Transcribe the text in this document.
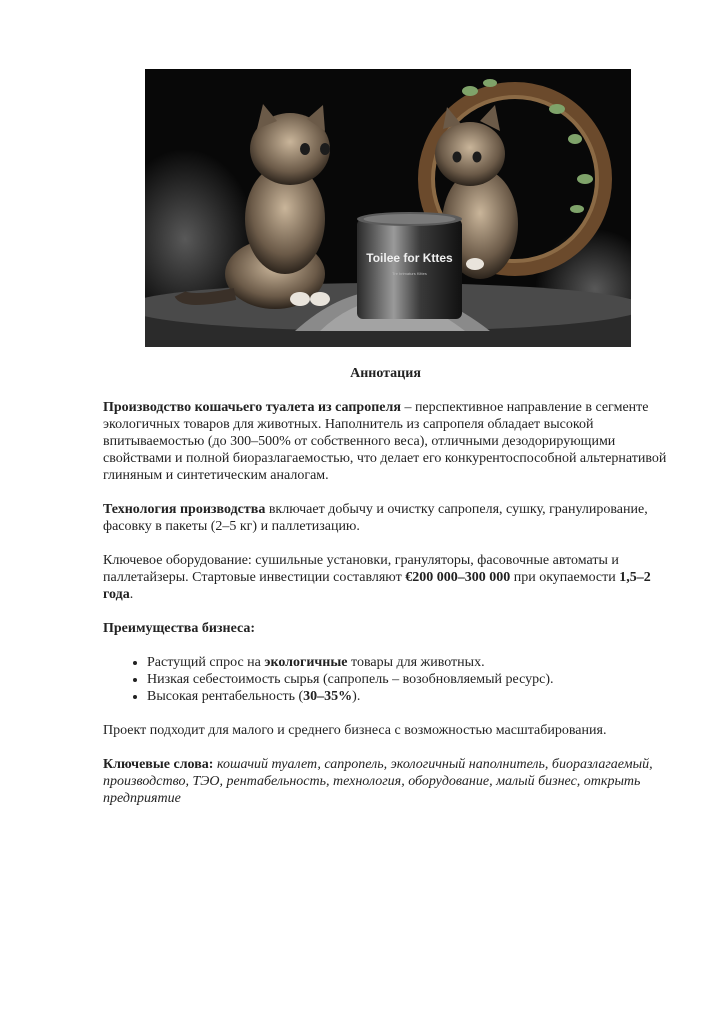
Toilee for Kttes
Tre brimaturs Kittes
Аннотация

Производство кошачьего туалета из сапропеля – перспективное направление в сегменте экологичных товаров для животных. Наполнитель из сапропеля обладает высокой впитываемостью (до 300–500% от собственного веса), отличными дезодорирующими свойствами и полной биоразлагаемостью, что делает его конкурентоспособной альтернативой глиняным и синтетическим аналогам.

Технология производства включает добычу и очистку сапропеля, сушку, гранулирование, фасовку в пакеты (2–5 кг) и паллетизацию.

Ключевое оборудование: сушильные установки, грануляторы, фасовочные автоматы и паллетайзеры. Стартовые инвестиции составляют €200 000–300 000 при окупаемости 1,5–2 года.

Преимущества бизнеса:

• Растущий спрос на экологичные товары для животных.
• Низкая себестоимость сырья (сапропель – возобновляемый ресурс).
• Высокая рентабельность (30–35%).

Проект подходит для малого и среднего бизнеса с возможностью масштабирования.

Ключевые слова: кошачий туалет, сапропель, экологичный наполнитель, биоразлагаемый, производство, ТЭО, рентабельность, технология, оборудование, малый бизнес, открыть предприятие
